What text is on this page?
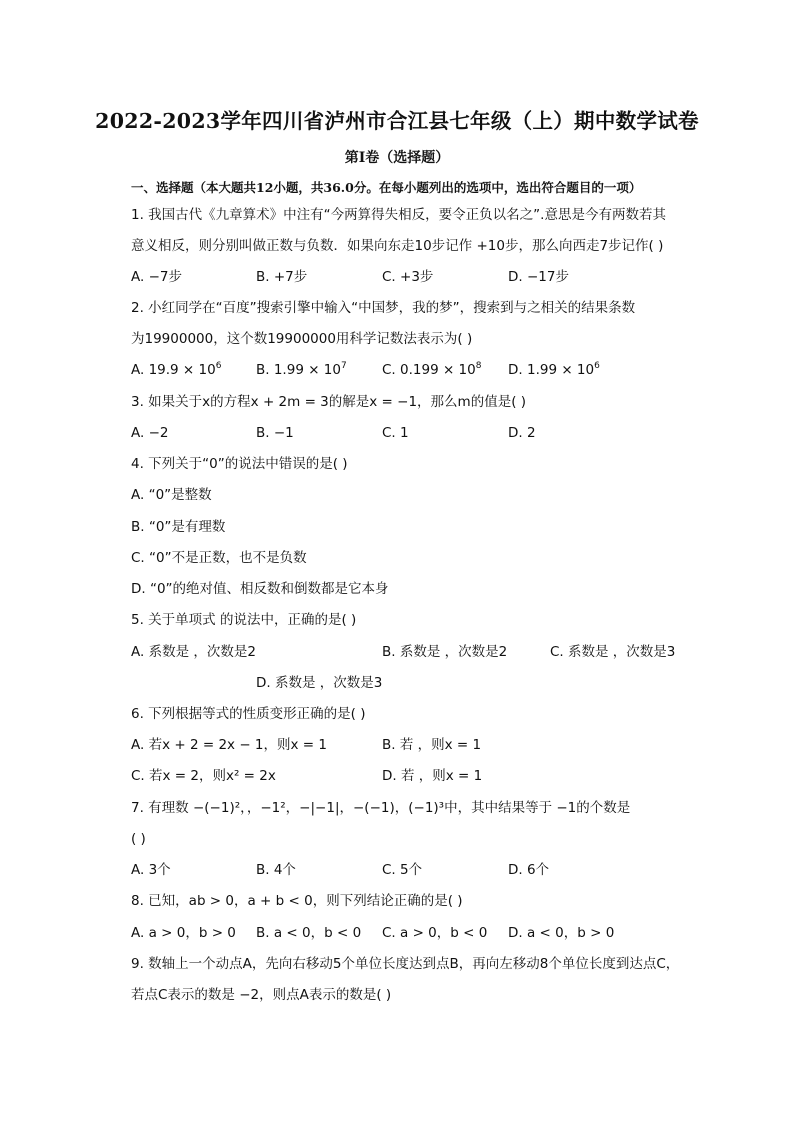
2022-2023学年四川省泸州市合江县七年级（上）期中数学试卷
第Ⅰ卷（选择题）
一、选择题（本大题共12小题，共36.0分。在每小题列出的选项中，选出符合题目的一项）
1. 我国古代《九章算术》中注有“今两算得失相反，要令正负以名之”.意思是今有两数若其
意义相反，则分别叫做正数与负数．如果向东走10步记作 +10步，那么向西走7步记作( )
A. −7步	B. +7步	C. +3步	D. −17步
2. 小红同学在“百度”搜索引擎中输入“中国梦，我的梦”，搜索到与之相关的结果条数
为19900000，这个数19900000用科学记数法表示为( )
A. $19.9 \times 10^6$	B. $1.99 \times 10^7$	C. $0.199 \times 10^8$ D. $1.99 \times 10^6$
3. 如果关于x的方程x + 2m = 3的解是x = −1，那么m的值是( )
A. −2	B. −1	C. 1	D. 2
4. 下列关于“0”的说法中错误的是( )
A. “0”是整数
B. “0”是有理数
C. “0”不是正数，也不是负数
D. “0”的绝对值、相反数和倒数都是它本身
5. 关于单项式 的说法中，正确的是( )
A. 系数是 ，次数是2	B. 系数是 ，次数是2	C. 系数是 ，次数是3
D. 系数是 ，次数是3
6. 下列根据等式的性质变形正确的是( )
A. 若x + 2 = 2x − 1，则x = 1	B. 若 ，则x = 1
C. 若x = 2，则x² = 2x	D. 若 ，则x = 1
7. 有理数 −(−1)²，，−1²，−|−1|，−(−1)，(−1)³中，其中结果等于 −1的个数是
( )
A. 3个	B. 4个	C. 5个	D. 6个
8. 已知，ab > 0，a + b < 0，则下列结论正确的是( )
A. a > 0，b > 0 B. a < 0，b < 0 C. a > 0，b < 0 D. a < 0，b > 0
9. 数轴上一个动点A，先向右移动5个单位长度达到点B，再向左移动8个单位长度到达点C，
若点C表示的数是 −2，则点A表示的数是( )
